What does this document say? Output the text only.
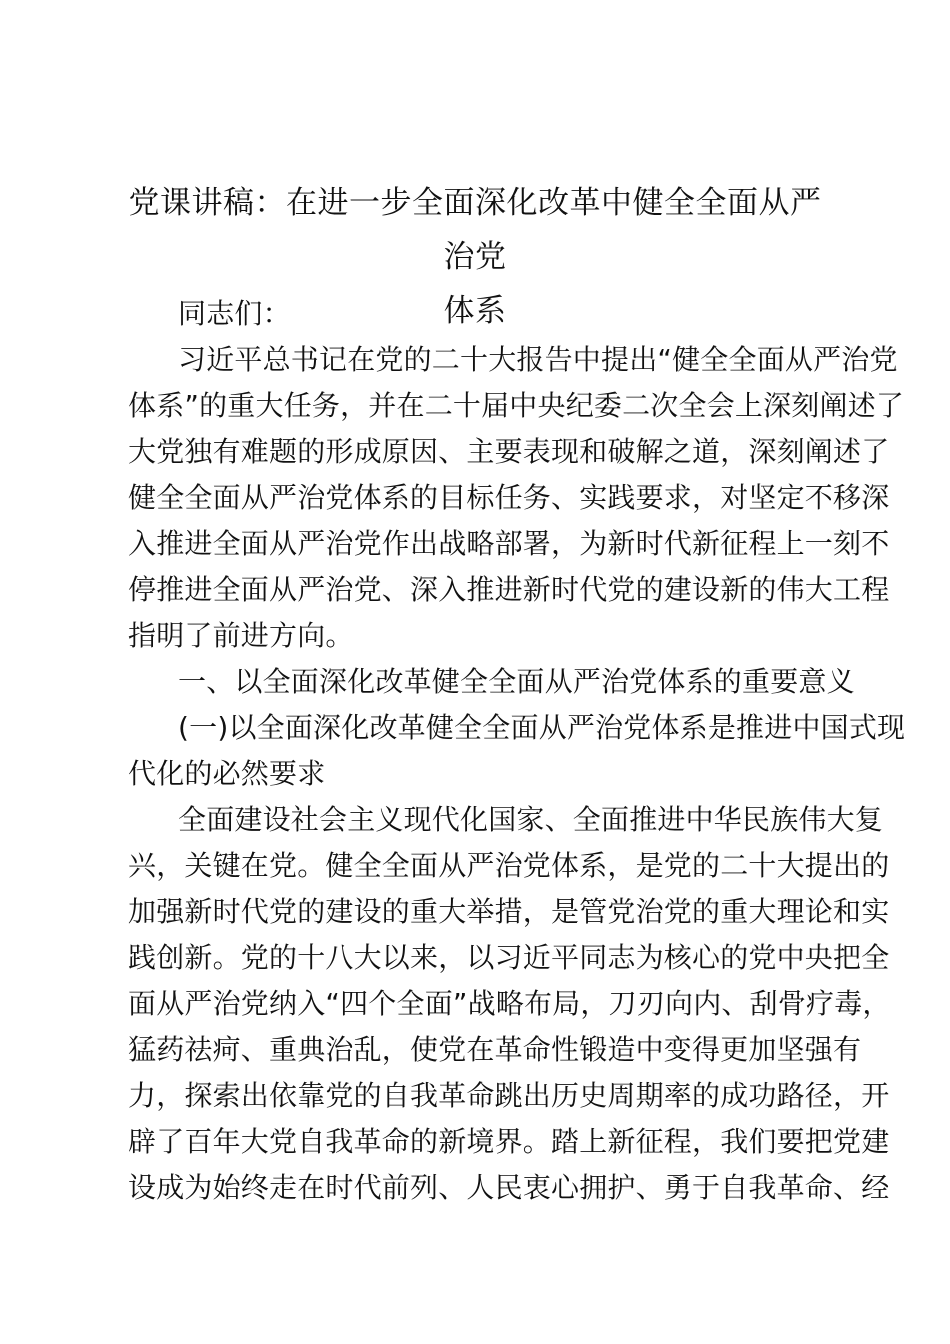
党课讲稿：在进一步全面深化改革中健全全面从严治党
体系
同志们：
习近平总书记在党的二十大报告中提出“健全全面从严治党
体系”的重大任务，并在二十届中央纪委二次全会上深刻阐述了
大党独有难题的形成原因、主要表现和破解之道，深刻阐述了
健全全面从严治党体系的目标任务、实践要求，对坚定不移深
入推进全面从严治党作出战略部署，为新时代新征程上一刻不
停推进全面从严治党、深入推进新时代党的建设新的伟大工程
指明了前进方向。
一、以全面深化改革健全全面从严治党体系的重要意义
(一)以全面深化改革健全全面从严治党体系是推进中国式现
代化的必然要求
全面建设社会主义现代化国家、全面推进中华民族伟大复
兴，关键在党。健全全面从严治党体系，是党的二十大提出的
加强新时代党的建设的重大举措，是管党治党的重大理论和实
践创新。党的十八大以来，以习近平同志为核心的党中央把全
面从严治党纳入“四个全面”战略布局，刀刃向内、刮骨疗毒，
猛药祛疴、重典治乱，使党在革命性锻造中变得更加坚强有
力，探索出依靠党的自我革命跳出历史周期率的成功路径，开
辟了百年大党自我革命的新境界。踏上新征程，我们要把党建
设成为始终走在时代前列、人民衷心拥护、勇于自我革命、经
